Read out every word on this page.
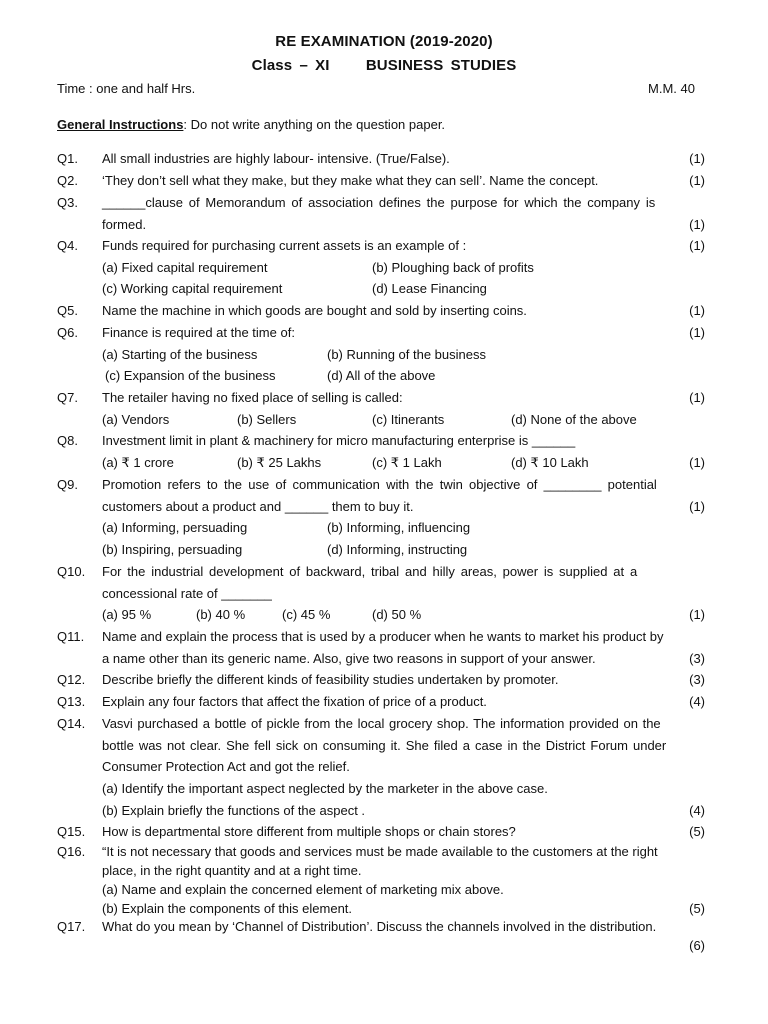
RE EXAMINATION (2019-2020)
Class – XI     BUSINESS STUDIES
Time : one and half Hrs.	M.M. 40
General Instructions: Do not write anything on the question paper.
Q1. All small industries are highly labour- intensive. (True/False).	(1)
Q2. ‘They don’t sell what they make, but they make what they can sell’. Name the concept.	(1)
Q3. ______clause of Memorandum of association defines the purpose for which the company is
formed.	(1)
Q4. Funds required for purchasing current assets is an example of :
(a) Fixed capital requirement	(b) Ploughing back of profits
(c) Working capital requirement	(d) Lease Financing
(1)
Q5. Name the machine in which goods are bought and sold by inserting coins.	(1)
Q6. Finance is required at the time of:
(a) Starting of the business	(b) Running of the business
(c) Expansion of the business	(d) All of the above
(1)
Q7. The retailer having no fixed place of selling is called:
(a) Vendors	(b) Sellers	(c) Itinerants	(d) None of the above
(1)
Q8. Investment limit in plant & machinery for micro manufacturing enterprise is ______
(a) ₹ 1 crore	(b) ₹ 25 Lakhs	(c) ₹ 1 Lakh	(d) ₹ 10 Lakh	(1)
Q9. Promotion refers to the use of communication with the twin objective of ________ potential
customers about a product and ______ them to buy it.
(a) Informing, persuading	(b) Informing, influencing
(b) Inspiring, persuading	(d) Informing, instructing
(1)
Q10. For the industrial development of backward, tribal and hilly areas, power is supplied at a
concessional rate of _______
(a) 95 %	(b) 40 %	(c) 45 %	(d) 50 %	(1)
Q11. Name and explain the process that is used by a producer when he wants to market his product by
a name other than its generic name. Also, give two reasons in support of your answer.	(3)
Q12. Describe briefly the different kinds of feasibility studies undertaken by promoter.	(3)
Q13. Explain any four factors that affect the fixation of price of a product.	(4)
Q14. Vasvi purchased a bottle of pickle from the local grocery shop. The information provided on the
bottle was not clear. She fell sick on consuming it. She filed a case in the District Forum under
Consumer Protection Act and got the relief.
(a) Identify the important aspect neglected by the marketer in the above case.
(b) Explain briefly the functions of the aspect .	(4)
Q15. How is departmental store different from multiple shops or chain stores?	(5)
Q16. “It is not necessary that goods and services must be made available to the customers at the right
place, in the right quantity and at a right time.
(a) Name and explain the concerned element of marketing mix above.
(b) Explain the components of this element.	(5)
Q17. What do you mean by ‘Channel of Distribution’. Discuss the channels involved in the distribution.
(6)
